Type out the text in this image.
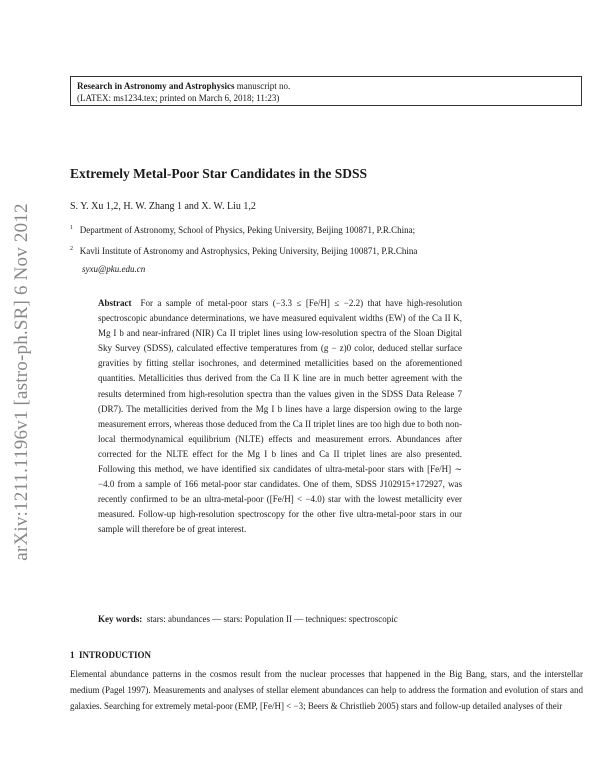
Research in Astronomy and Astrophysics manuscript no.
(LATEX: ms1234.tex; printed on March 6, 2018; 11:23)
arXiv:1211.1196v1 [astro-ph.SR] 6 Nov 2012
Extremely Metal-Poor Star Candidates in the SDSS
S. Y. Xu 1,2, H. W. Zhang 1 and X. W. Liu 1,2
$^1$ Department of Astronomy, School of Physics, Peking University, Beijing 100871, P.R.China;
$^2$ Kavli Institute of Astronomy and Astrophysics, Peking University, Beijing 100871, P.R.China
syxu@pku.edu.cn
Abstract For a sample of metal-poor stars (−3.3 ≤ [Fe/H] ≤ −2.2) that have high-resolution spectroscopic abundance determinations, we have measured equivalent widths (EW) of the Ca II K, Mg I b and near-infrared (NIR) Ca II triplet lines using low-resolution spectra of the Sloan Digital Sky Survey (SDSS), calculated effective temperatures from (g − z)0 color, deduced stellar surface gravities by fitting stellar isochrones, and determined metallicities based on the aforementioned quantities. Metallicities thus derived from the Ca II K line are in much better agreement with the results determined from high-resolution spectra than the values given in the SDSS Data Release 7 (DR7). The metallicities derived from the Mg I b lines have a large dispersion owing to the large measurement errors, whereas those deduced from the Ca II triplet lines are too high due to both non-local thermodynamical equilibrium (NLTE) effects and measurement errors. Abundances after corrected for the NLTE effect for the Mg I b lines and Ca II triplet lines are also presented. Following this method, we have identified six candidates of ultra-metal-poor stars with [Fe/H] ∼ −4.0 from a sample of 166 metal-poor star candidates. One of them, SDSS J102915+172927, was recently confirmed to be an ultra-metal-poor ([Fe/H] < −4.0) star with the lowest metallicity ever measured. Follow-up high-resolution spectroscopy for the other five ultra-metal-poor stars in our sample will therefore be of great interest.
Key words: stars: abundances — stars: Population II — techniques: spectroscopic
1 INTRODUCTION
Elemental abundance patterns in the cosmos result from the nuclear processes that happened in the Big Bang, stars, and the interstellar medium (Pagel 1997). Measurements and analyses of stellar element abundances can help to address the formation and evolution of stars and galaxies. Searching for extremely metal-poor (EMP, [Fe/H] < −3; Beers & Christlieb 2005) stars and follow-up detailed analyses of their
